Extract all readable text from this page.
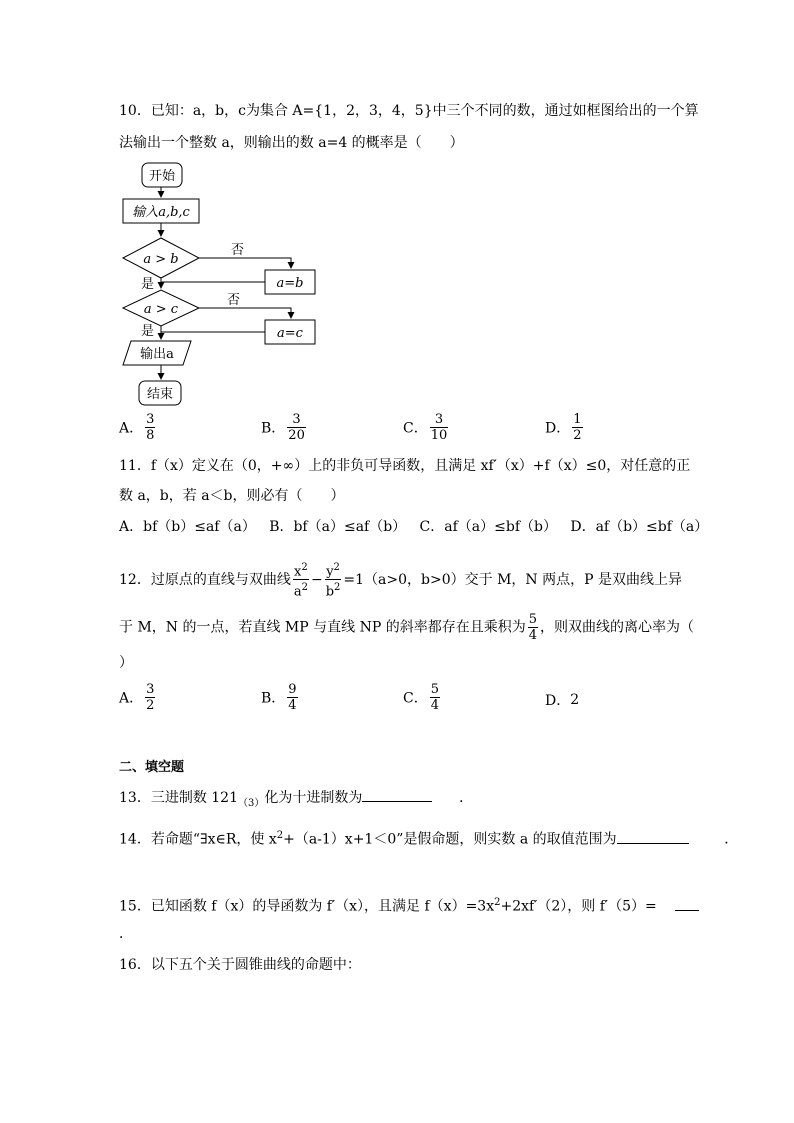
10．已知：a，b，c为集合 A={1，2，3，4，5}中三个不同的数，通过如框图给出的一个算
法输出一个整数 a，则输出的数 a=4 的概率是（　　）
开始
输入a,b,c
a > b
a=b
a > c
a=c
输出a
结束
否
否
是
是
A． $\frac{3}{8}$	B． $\frac{3}{20}$	C． $\frac{3}{10}$	D． $\frac{1}{2}$
11．f（x）定义在（0，+∞）上的非负可导函数，且满足 xf′（x）+f（x）≤0，对任意的正
数 a，b，若 a＜b，则必有（　　）
A．bf（b）≤af（a） B．bf（a）≤af（b） C．af（a）≤bf（b） D．af（b）≤bf（a）
12．过原点的直线与双曲线 $\frac{x^2}{a^2} - \frac{y^2}{b^2} =1(a>0$，b>0）交于 M，N 两点，P 是双曲线上异
于 M，N 的一点，若直线 MP 与直线 NP 的斜率都存在且乘积为 $\frac{5}{4}$ ，则双曲线的离心率为（
）
A． $\frac{3}{2}$	B． $\frac{9}{4}$	C． $\frac{5}{4}$	D．2
二、填空题
13．三进制数 $121_{(3)}$化为十进制数为	．
14．若命题“∃x∈R，使 $x^2+(a-1)x+1<0$”是假命题，则实数 a 的取值范围为	．
15．已知函数 f（x）的导函数为 f′（x），且满足 $f(x)=3x^2+2xf'(2)$，则 f′（5）=
．
16．以下五个关于圆锥曲线的命题中：
